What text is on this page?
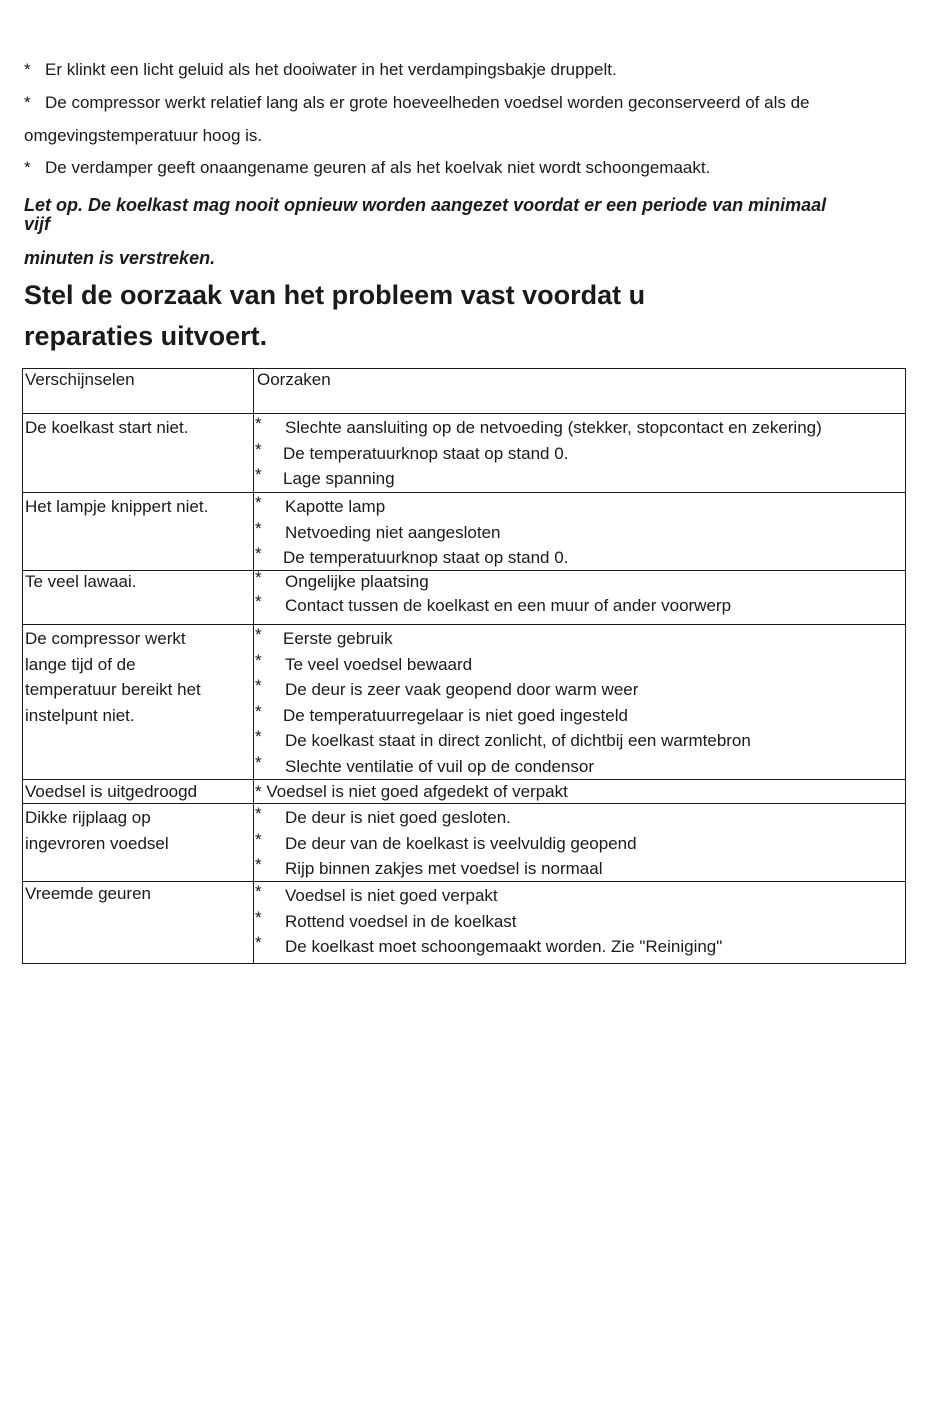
* Er klinkt een licht geluid als het dooiwater in het verdampingsbakje druppelt.
* De compressor werkt relatief lang als er grote hoeveelheden voedsel worden geconserveerd of als de
omgevingstemperatuur hoog is.
* De verdamper geeft onaangename geuren af als het koelvak niet wordt schoongemaakt.
Let op. De koelkast mag nooit opnieuw worden aangezet voordat er een periode van minimaal
vijf
minuten is verstreken.
Stel de oorzaak van het probleem vast voordat u
reparaties uitvoert.
Verschijnselen	Oorzaken
De koelkast start niet.	* Slechte aansluiting op de netvoeding (stekker, stopcontact en zekering)
* De temperatuurknop staat op stand 0.
* Lage spanning
Het lampje knippert niet.	* Kapotte lamp
* Netvoeding niet aangesloten
* De temperatuurknop staat op stand 0.
Te veel lawaai.	* Ongelijke plaatsing
* Contact tussen de koelkast en een muur of ander voorwerp
De compressor werkt
lange tijd of de
temperatuur bereikt het
instelpunt niet.
* Eerste gebruik
* Te veel voedsel bewaard
* De deur is zeer vaak geopend door warm weer
* De temperatuurregelaar is niet goed ingesteld
* De koelkast staat in direct zonlicht, of dichtbij een warmtebron
* Slechte ventilatie of vuil op de condensor
Voedsel is uitgedroogd	* Voedsel is niet goed afgedekt of verpakt
Dikke rijplaag op
ingevroren voedsel
* De deur is niet goed gesloten.
* De deur van de koelkast is veelvuldig geopend
* Rijp binnen zakjes met voedsel is normaal
Vreemde geuren	* Voedsel is niet goed verpakt
* Rottend voedsel in de koelkast
* De koelkast moet schoongemaakt worden. Zie "Reiniging"
